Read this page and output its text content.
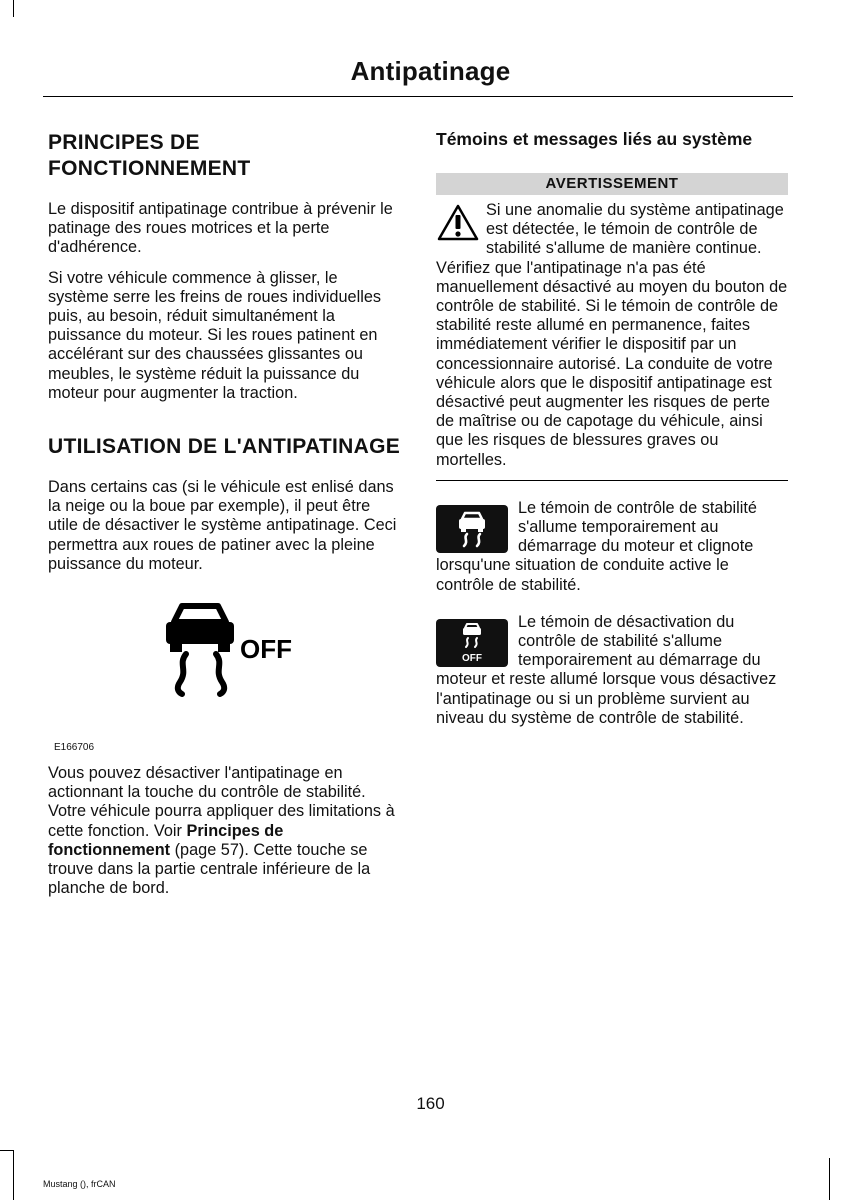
Antipatinage
PRINCIPES DE FONCTIONNEMENT

Le dispositif antipatinage contribue à prévenir le patinage des roues motrices et la perte d'adhérence.

Si votre véhicule commence à glisser, le système serre les freins de roues individuelles puis, au besoin, réduit simultanément la puissance du moteur. Si les roues patinent en accélérant sur des chaussées glissantes ou meubles, le système réduit la puissance du moteur pour augmenter la traction.

UTILISATION DE L'ANTIPATINAGE

Dans certains cas (si le véhicule est enlisé dans la neige ou la boue par exemple), il peut être utile de désactiver le système antipatinage. Ceci permettra aux roues de patiner avec la pleine puissance du moteur.

OFF
E166706

Vous pouvez désactiver l'antipatinage en actionnant la touche du contrôle de stabilité. Votre véhicule pourra appliquer des limitations à cette fonction. Voir Principes de fonctionnement (page 57). Cette touche se trouve dans la partie centrale inférieure de la planche de bord.

Témoins et messages liés au système
AVERTISSEMENT

Si une anomalie du système antipatinage est détectée, le témoin de contrôle de stabilité s'allume de manière continue. Vérifiez que l'antipatinage n'a pas été manuellement désactivé au moyen du bouton de contrôle de stabilité. Si le témoin de contrôle de stabilité reste allumé en permanence, faites immédiatement vérifier le dispositif par un concessionnaire autorisé. La conduite de votre véhicule alors que le dispositif antipatinage est désactivé peut augmenter les risques de perte de maîtrise ou de capotage du véhicule, ainsi que les risques de blessures graves ou mortelles.

Le témoin de contrôle de stabilité s'allume temporairement au démarrage du moteur et clignote lorsqu'une situation de conduite active le contrôle de stabilité.

OFF

Le témoin de désactivation du contrôle de stabilité s'allume temporairement au démarrage du moteur et reste allumé lorsque vous désactivez l'antipatinage ou si un problème survient au niveau du système de contrôle de stabilité.

160
Mustang (), frCAN
